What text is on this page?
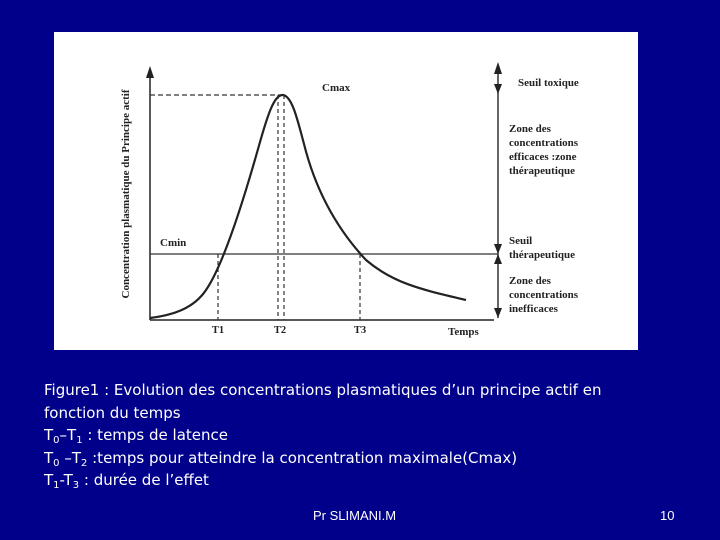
Concentration plasmatique du Principe actif
Cmax
Cmin
Temps
T1	T2	T3
Seuil toxique
Zone des
concentrations
efficaces :zone
thérapeutique
Seuil
thérapeutique
Zone des
concentrations
inefficaces
Figure1 : Evolution des concentrations plasmatiques d’un principe actif en
fonction du temps
$T_0-T_1$ : temps de latence
$T_0$ $-T_2$ :temps pour atteindre la concentration maximale(Cmax)
$T_1-T_3$ : durée de l’effet
Pr SLIMANI.M	10
